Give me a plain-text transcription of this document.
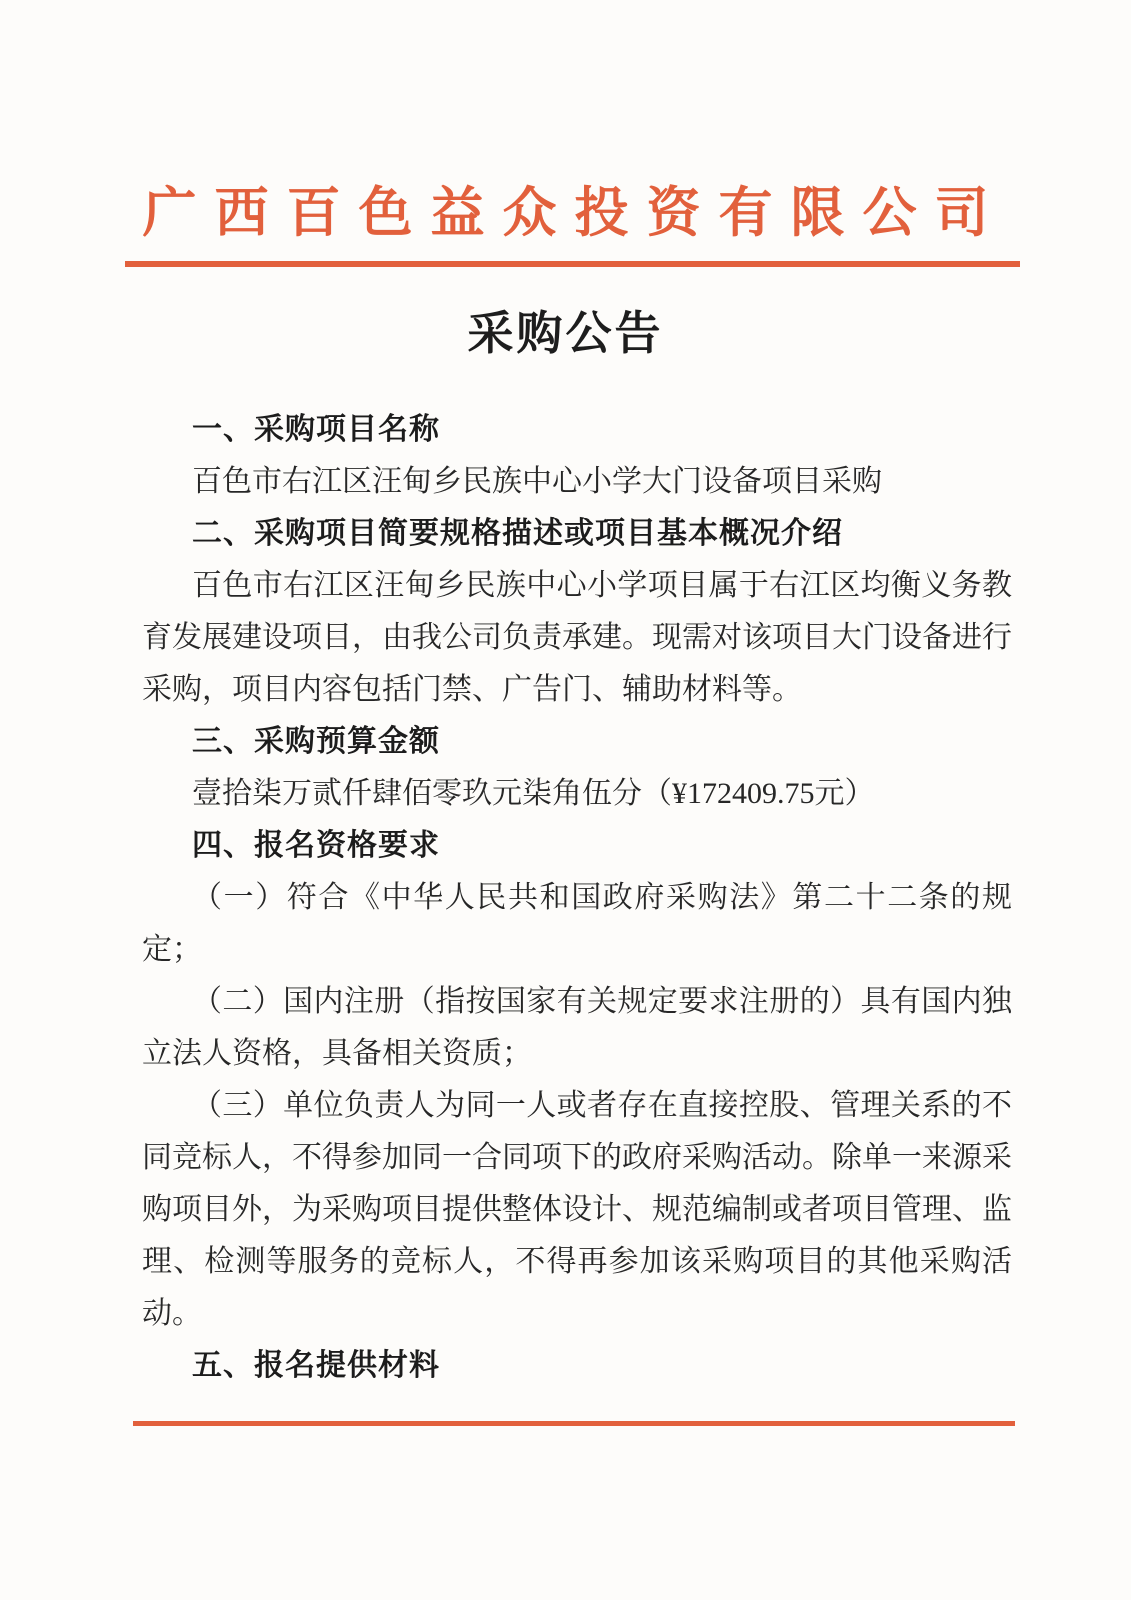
广西百色益众投资有限公司
采购公告

一、采购项目名称

百色市右江区汪甸乡民族中心小学大门设备项目采购

二、采购项目简要规格描述或项目基本概况介绍

百色市右江区汪甸乡民族中心小学项目属于右江区均衡义务教育发展建设项目，由我公司负责承建。现需对该项目大门设备进行采购，项目内容包括门禁、广告门、辅助材料等。

三、采购预算金额

壹拾柒万贰仟肆佰零玖元柒角伍分（¥172409.75元）

四、报名资格要求

（一）符合《中华人民共和国政府采购法》第二十二条的规定；

（二）国内注册（指按国家有关规定要求注册的）具有国内独立法人资格，具备相关资质；

（三）单位负责人为同一人或者存在直接控股、管理关系的不同竞标人，不得参加同一合同项下的政府采购活动。除单一来源采购项目外，为采购项目提供整体设计、规范编制或者项目管理、监理、检测等服务的竞标人，不得再参加该采购项目的其他采购活动。

五、报名提供材料
